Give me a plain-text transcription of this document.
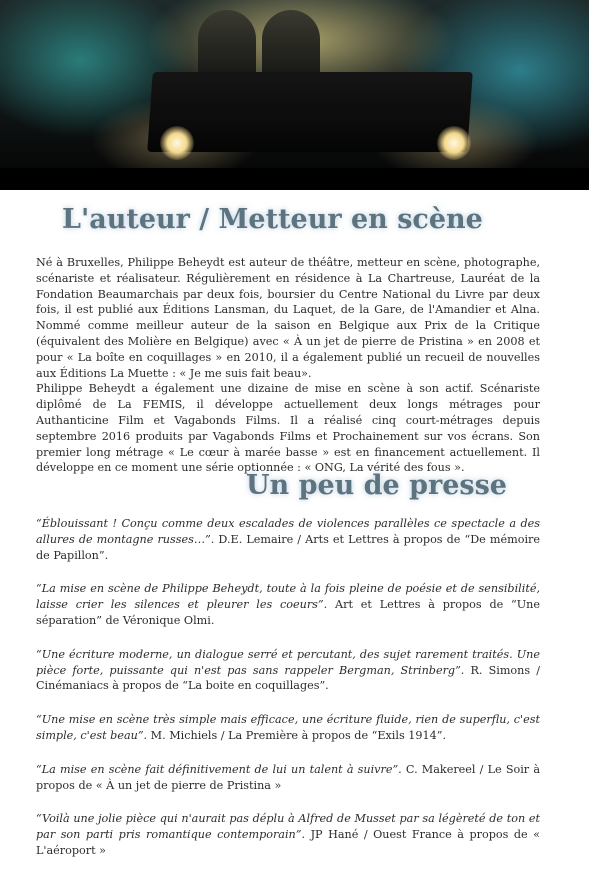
L'auteur / Metteur en scène

Né à Bruxelles, Philippe Beheydt est auteur de théâtre, metteur en scène, photographe, scénariste et réalisateur. Régulièrement en résidence à La Chartreuse, Lauréat de la Fondation Beaumarchais par deux fois, boursier du Centre National du Livre par deux fois, il est publié aux Éditions Lansman, du Laquet, de la Gare, de l'Amandier et Alna. Nommé comme meilleur auteur de la saison en Belgique aux Prix de la Critique (équivalent des Molière en Belgique) avec « À un jet de pierre de Pristina » en 2008 et pour « La boîte en coquillages » en 2010, il a également publié un recueil de nouvelles aux Éditions La Muette : « Je me suis fait beau».

Philippe Beheydt a également une dizaine de mise en scène à son actif. Scénariste diplômé de La FEMIS, il développe actuellement deux longs métrages pour Authanticine Film et Vagabonds Films. Il a réalisé cinq court-métrages depuis septembre 2016 produits par Vagabonds Films et Prochainement sur vos écrans. Son premier long métrage « Le cœur à marée basse » est en financement actuellement. Il développe en ce moment une série optionnée : « ONG, La vérité des fous ».

Un peu de presse

“Éblouissant ! Conçu comme deux escalades de violences parallèles ce spectacle a des allures de montagne russes…”. D.E. Lemaire / Arts et Lettres à propos de “De mémoire de Papillon”.

“La mise en scène de Philippe Beheydt, toute à la fois pleine de poésie et de sensibilité, laisse crier les silences et pleurer les coeurs”. Art et Lettres à propos de “Une séparation” de Véronique Olmi.

“Une écriture moderne, un dialogue serré et percutant, des sujet rarement traités. Une pièce forte, puissante qui n'est pas sans rappeler Bergman, Strinberg”. R. Simons / Cinémaniacs à propos de “La boite en coquillages”.

“Une mise en scène très simple mais efficace, une écriture fluide, rien de superflu, c'est simple, c'est beau”. M. Michiels / La Première à propos de “Exils 1914”.

“La mise en scène fait définitivement de lui un talent à suivre”. C. Makereel / Le Soir à propos de « À un jet de pierre de Pristina »

“Voilà une jolie pièce qui n'aurait pas déplu à Alfred de Musset par sa légèreté de ton et par son parti pris romantique contemporain”. JP Hané / Ouest France à propos de « L'aéroport »
